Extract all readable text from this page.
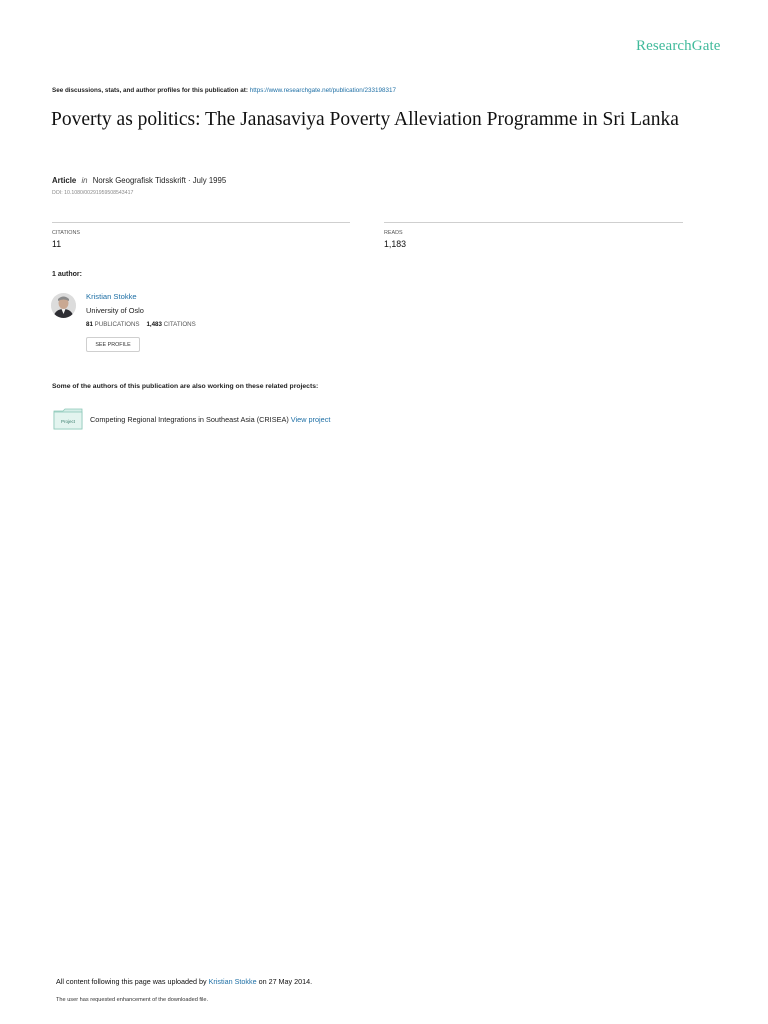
ResearchGate
See discussions, stats, and author profiles for this publication at: https://www.researchgate.net/publication/233198317
Poverty as politics: The Janasaviya Poverty Alleviation Programme in Sri Lanka
Article in Norsk Geografisk Tidsskrift · July 1995
DOI: 10.1080/00291959508543417
CITATIONS
11
READS
1,183
1 author:
Kristian Stokke
University of Oslo
81 PUBLICATIONS 1,483 CITATIONS
SEE PROFILE
Some of the authors of this publication are also working on these related projects:
Project Competing Regional Integrations in Southeast Asia (CRISEA) View project
All content following this page was uploaded by Kristian Stokke on 27 May 2014.
The user has requested enhancement of the downloaded file.
